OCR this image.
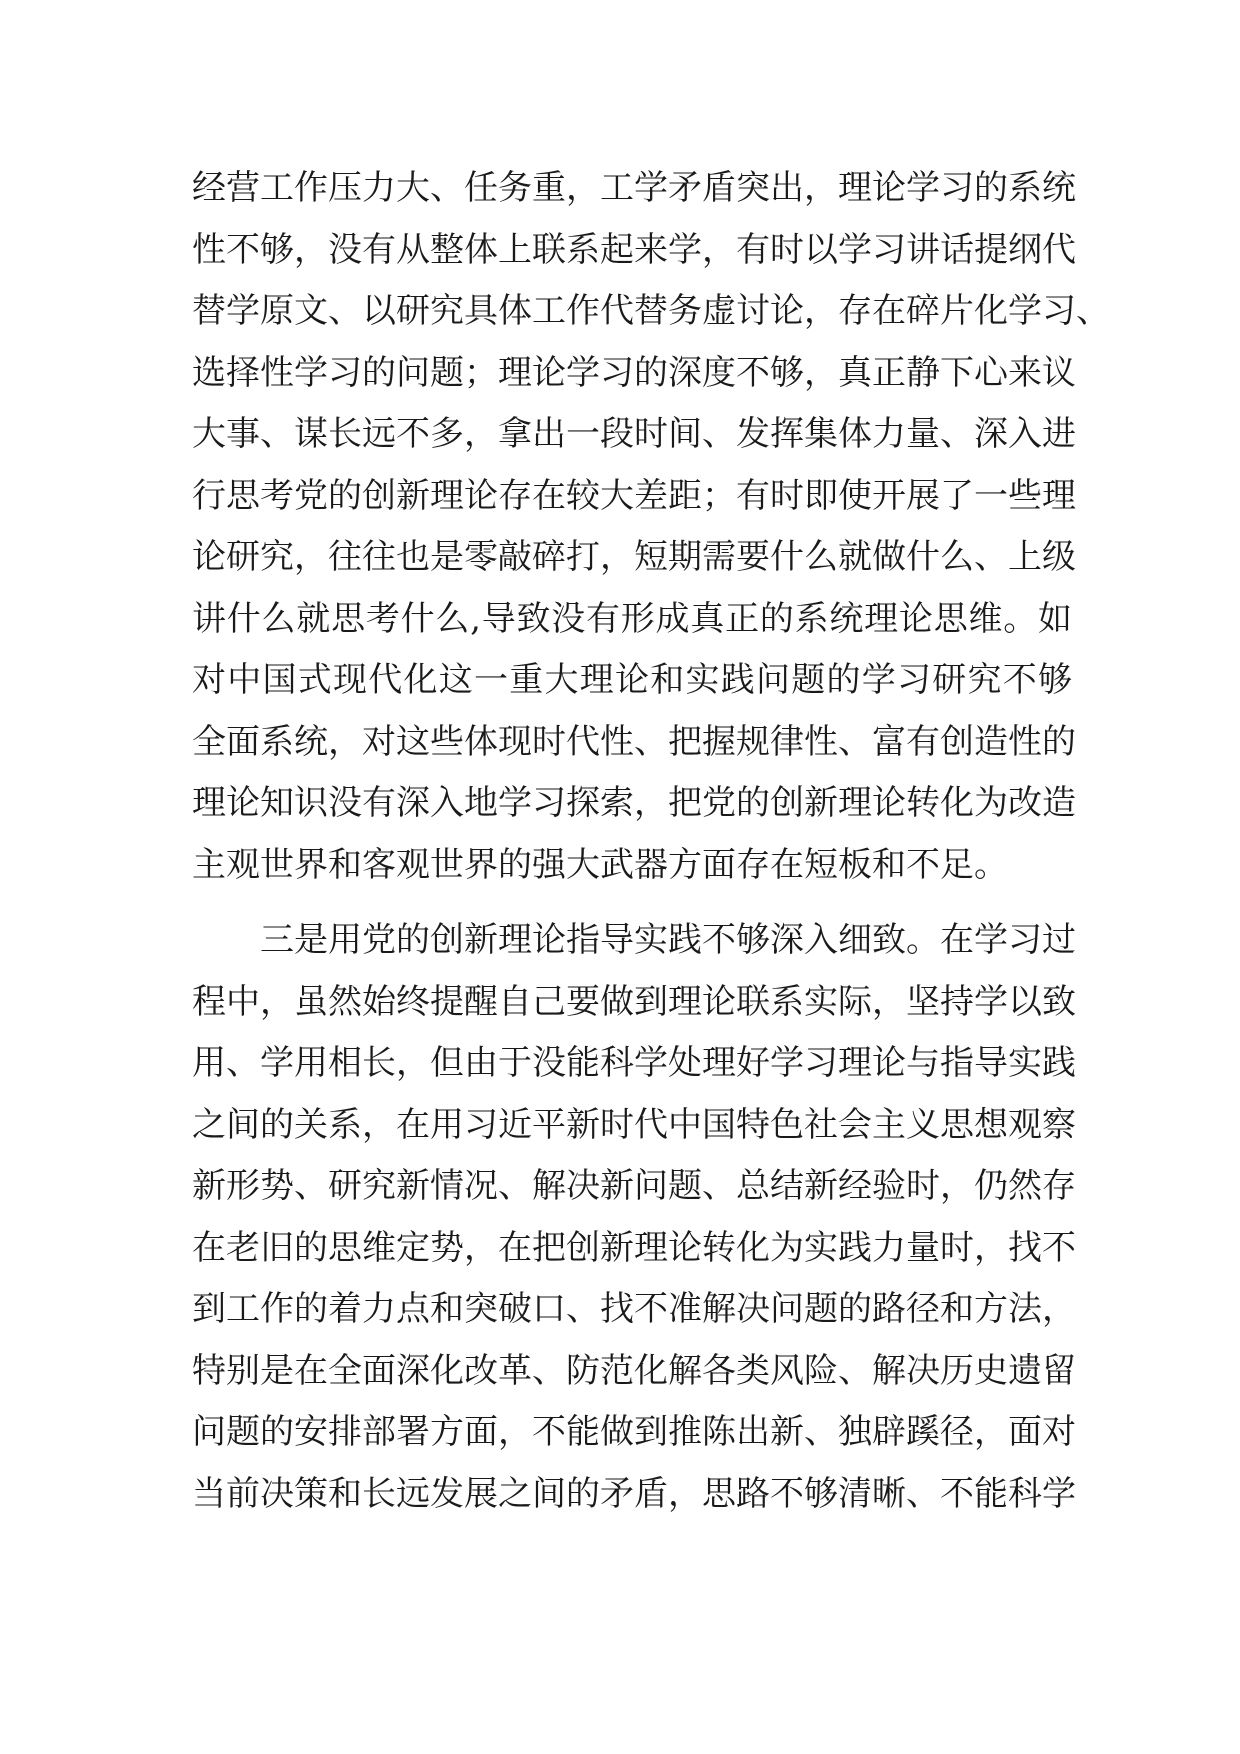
经营工作压力大、任务重，工学矛盾突出，理论学习的系统
性不够，没有从整体上联系起来学，有时以学习讲话提纲代
替学原文、以研究具体工作代替务虚讨论，存在碎片化学习、
选择性学习的问题；理论学习的深度不够，真正静下心来议
大事、谋长远不多，拿出一段时间、发挥集体力量、深入进
行思考党的创新理论存在较大差距；有时即使开展了一些理
论研究，往往也是零敲碎打，短期需要什么就做什么、上级
讲什么就思考什么,导致没有形成真正的系统理论思维。如
对中国式现代化这一重大理论和实践问题的学习研究不够
全面系统，对这些体现时代性、把握规律性、富有创造性的
理论知识没有深入地学习探索，把党的创新理论转化为改造
主观世界和客观世界的强大武器方面存在短板和不足。
三是用党的创新理论指导实践不够深入细致。在学习过
程中，虽然始终提醒自己要做到理论联系实际，坚持学以致
用、学用相长，但由于没能科学处理好学习理论与指导实践
之间的关系，在用习近平新时代中国特色社会主义思想观察
新形势、研究新情况、解决新问题、总结新经验时，仍然存
在老旧的思维定势，在把创新理论转化为实践力量时，找不
到工作的着力点和突破口、找不准解决问题的路径和方法，
特别是在全面深化改革、防范化解各类风险、解决历史遗留
问题的安排部署方面，不能做到推陈出新、独辟蹊径，面对
当前决策和长远发展之间的矛盾，思路不够清晰、不能科学
